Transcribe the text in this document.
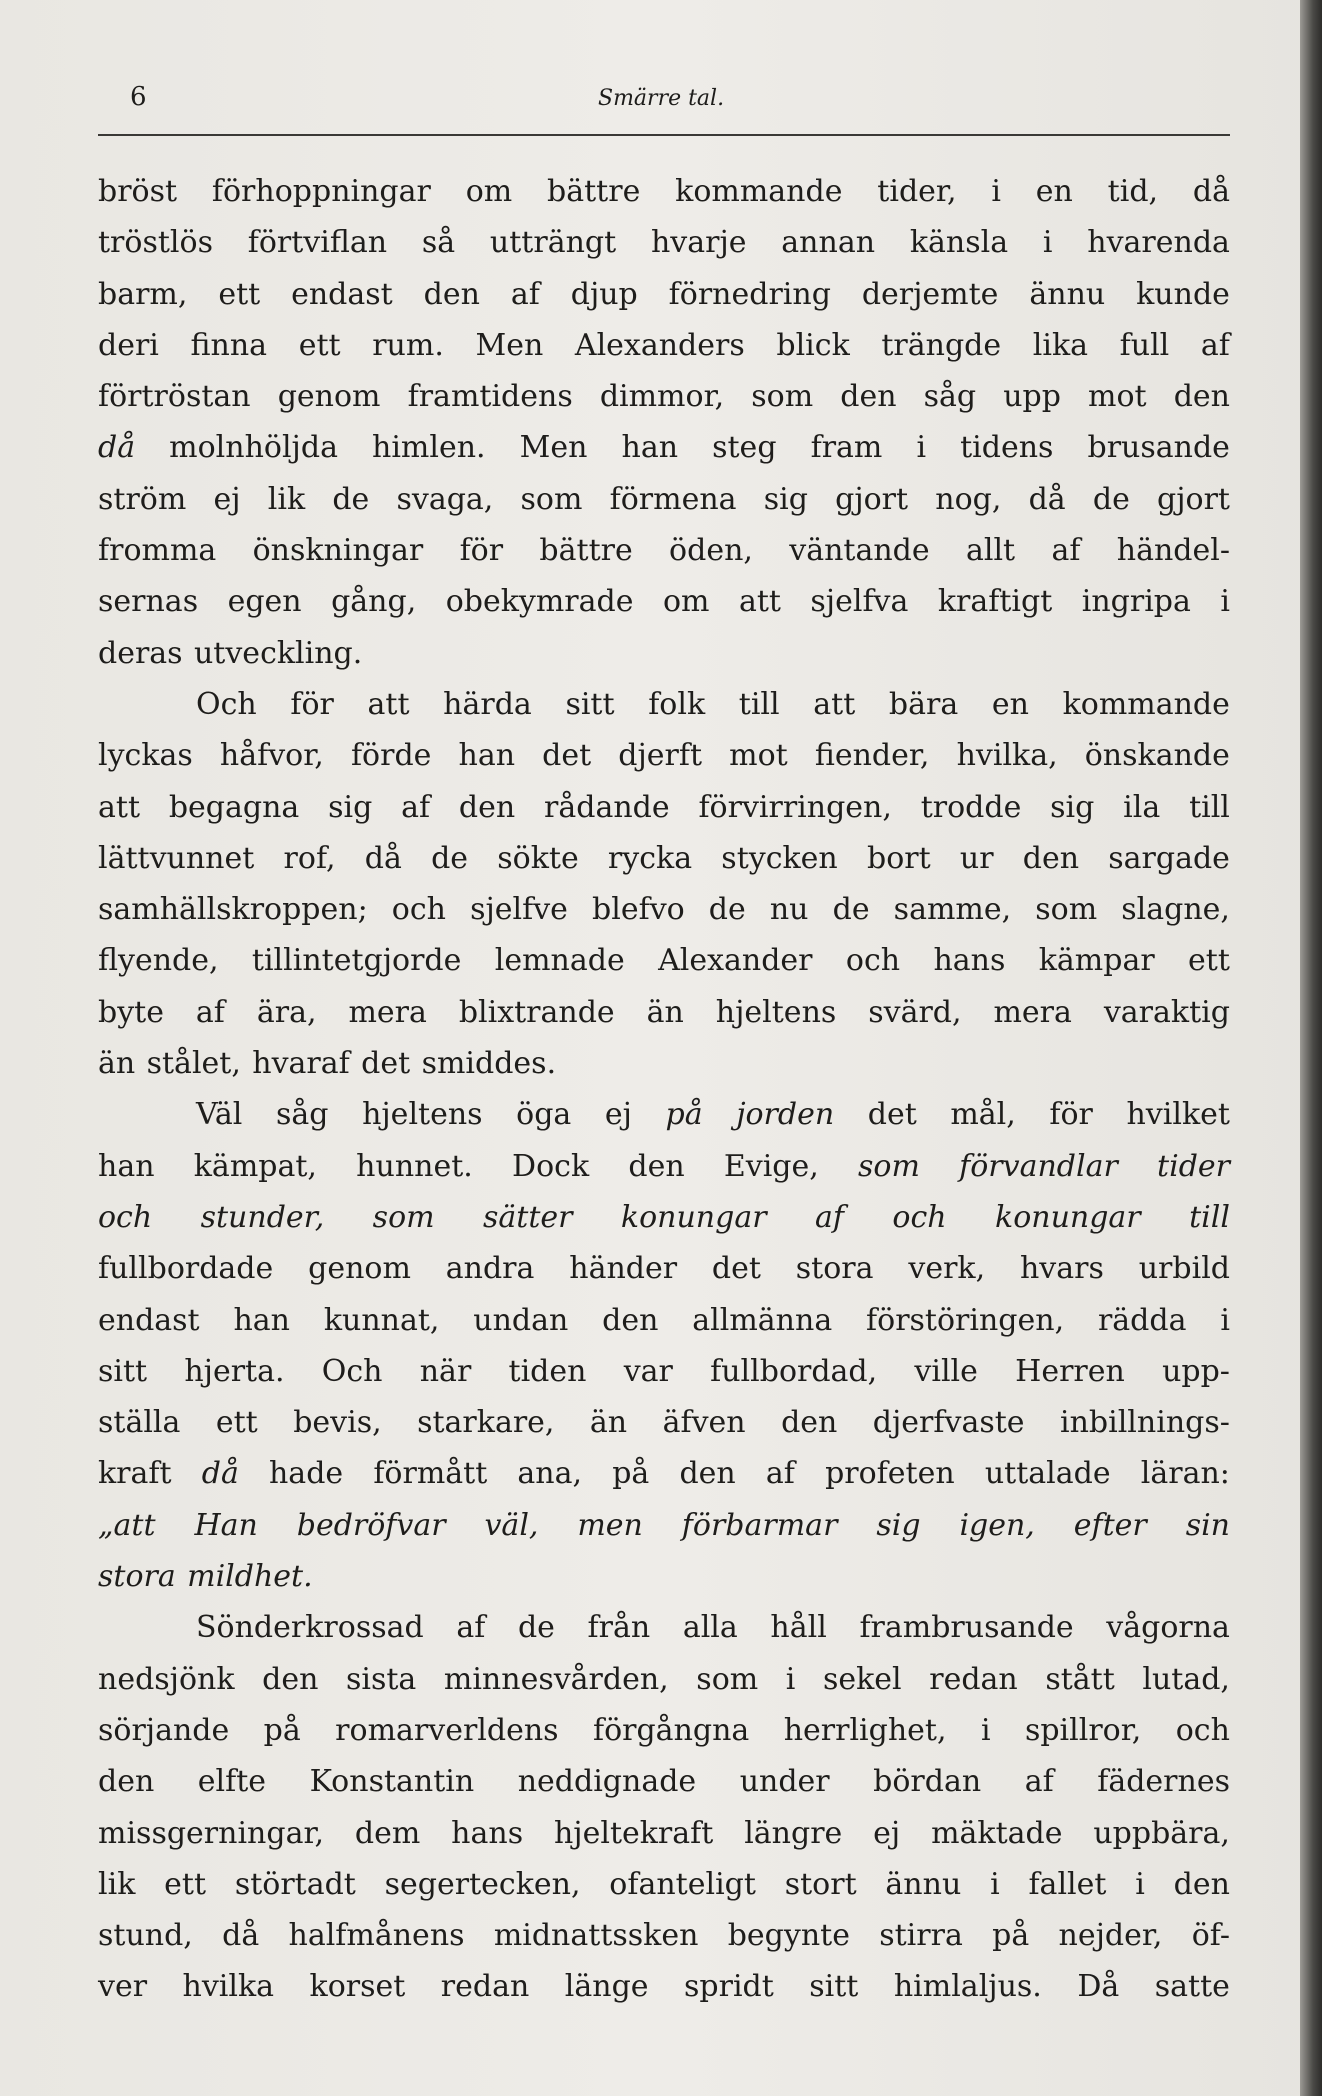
6	Smärre tal.
bröst förhoppningar om bättre kommande tider, i en tid, då
tröstlös förtviflan så utträngt hvarje annan känsla i hvarenda
barm, ett endast den af djup förnedring derjemte ännu kunde
deri finna ett rum. Men Alexanders blick trängde lika full af
förtröstan genom framtidens dimmor, som den såg upp mot den
då molnhöljda himlen. Men han steg fram i tidens brusande
ström ej lik de svaga, som förmena sig gjort nog, då de gjort
fromma önskningar för bättre öden, väntande allt af händel-
sernas egen gång, obekymrade om att sjelfva kraftigt ingripa i
deras utveckling.
Och för att härda sitt folk till att bära en kommande
lyckas håfvor, förde han det djerft mot fiender, hvilka, önskande
att begagna sig af den rådande förvirringen, trodde sig ila till
lättvunnet rof, då de sökte rycka stycken bort ur den sargade
samhällskroppen; och sjelfve blefvo de nu de samme, som slagne,
flyende, tillintetgjorde lemnade Alexander och hans kämpar ett
byte af ära, mera blixtrande än hjeltens svärd, mera varaktig
än stålet, hvaraf det smiddes.
Väl såg hjeltens öga ej på jorden det mål, för hvilket
han kämpat, hunnet. Dock den Evige, som förvandlar tider
och stunder, som sätter konungar af och konungar till
fullbordade genom andra händer det stora verk, hvars urbild
endast han kunnat, undan den allmänna förstöringen, rädda i
sitt hjerta. Och när tiden var fullbordad, ville Herren upp-
ställa ett bevis, starkare, än äfven den djerfvaste inbillnings-
kraft då hade förmått ana, på den af profeten uttalade läran:
„att Han bedröfvar väl, men förbarmar sig igen, efter sin
stora mildhet.
Sönderkrossad af de från alla håll frambrusande vågorna
nedsjönk den sista minnesvården, som i sekel redan stått lutad,
sörjande på romarverldens förgångna herrlighet, i spillror, och
den elfte Konstantin neddignade under bördan af fädernes
missgerningar, dem hans hjeltekraft längre ej mäktade uppbära,
lik ett störtadt segertecken, ofanteligt stort ännu i fallet i den
stund, då halfmånens midnattssken begynte stirra på nejder, öf-
ver hvilka korset redan länge spridt sitt himlaljus. Då satte
